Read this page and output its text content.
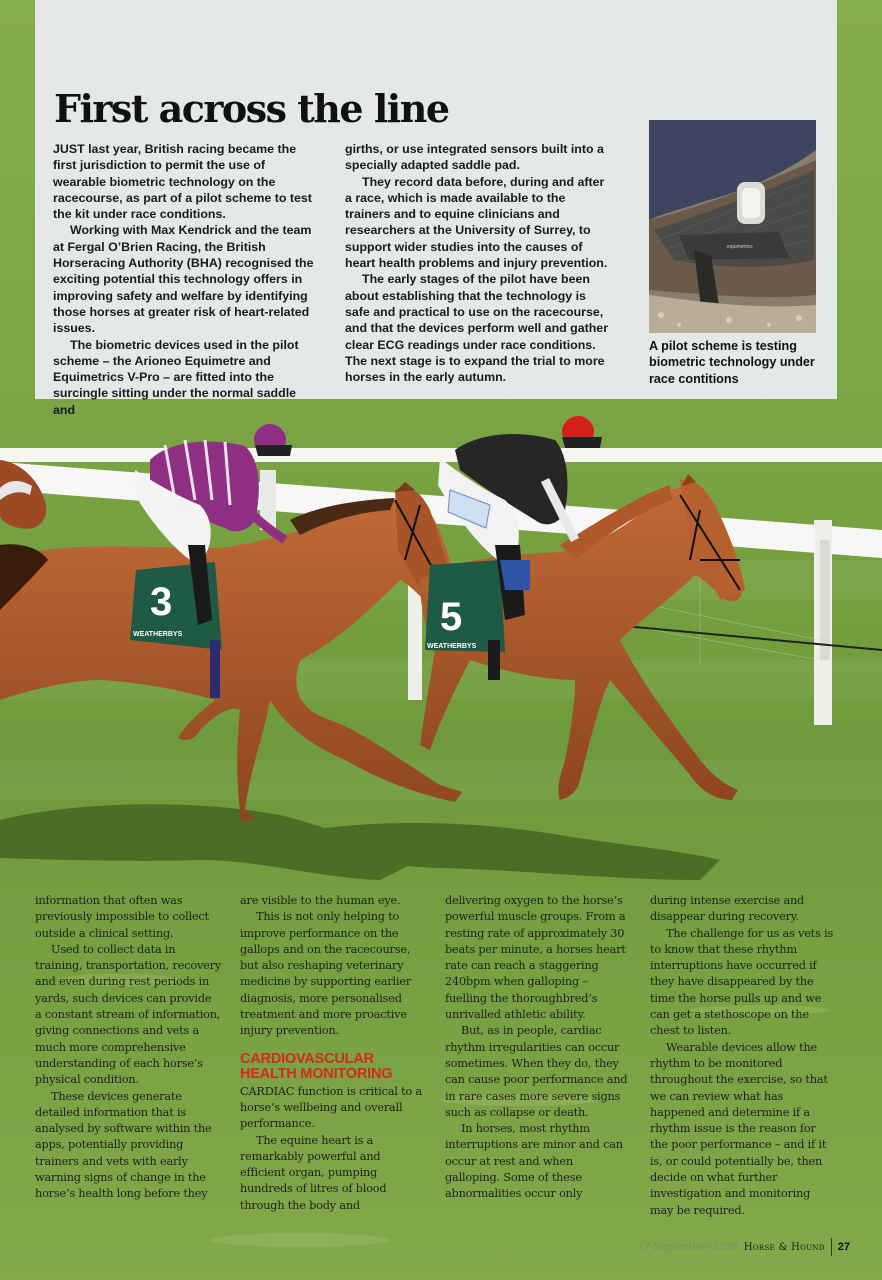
3
WEATHERBYS	5
WEATHERBYS
First across the line

JUST last year, British racing became the first jurisdiction to permit the use of wearable biometric technology on the racecourse, as part of a pilot scheme to test the kit under race conditions.

Working with Max Kendrick and the team at Fergal O’Brien Racing, the British Horseracing Authority (BHA) recognised the exciting potential this technology offers in improving safety and welfare by identifying those horses at greater risk of heart-related issues.

The biometric devices used in the pilot scheme – the Arioneo Equimetre and Equimetrics V-Pro – are fitted into the surcingle sitting under the normal saddle and

girths, or use integrated sensors built into a specially adapted saddle pad.

They record data before, during and after a race, which is made available to the trainers and to equine clinicians and researchers at the University of Surrey, to support wider studies into the causes of heart health problems and injury prevention.

The early stages of the pilot have been about establishing that the technology is safe and practical to use on the racecourse, and that the devices perform well and gather clear ECG readings under race conditions. The next stage is to expand the trial to more horses in the early autumn.

equimetrics
A pilot scheme is testing biometric technology under race contitions

information that often was previously impossible to collect outside a clinical setting.

Used to collect data in training, transportation, recovery and even during rest periods in yards, such devices can provide a constant stream of information, giving connections and vets a much more comprehensive understanding of each horse’s physical condition.

These devices generate detailed information that is analysed by software within the apps, potentially providing trainers and vets with early warning signs of change in the horse’s health long before they

are visible to the human eye.

This is not only helping to improve performance on the gallops and on the racecourse, but also reshaping veterinary medicine by supporting earlier diagnosis, more personalised treatment and more proactive injury prevention.

CARDIOVASCULAR HEALTH MONITORING

CARDIAC function is critical to a horse’s wellbeing and overall performance.

The equine heart is a remarkably powerful and efficient organ, pumping hundreds of litres of blood through the body and

delivering oxygen to the horse’s powerful muscle groups. From a resting rate of approximately 30 beats per minute, a horses heart rate can reach a staggering 240bpm when galloping – fuelling the thoroughbred’s unrivalled athletic ability.

But, as in people, cardiac rhythm irregularities can occur sometimes. When they do, they can cause poor performance and in rare cases more severe signs such as collapse or death.

In horses, most rhythm interruptions are minor and can occur at rest and when galloping. Some of these abnormalities occur only

during intense exercise and disappear during recovery.

The challenge for us as vets is to know that these rhythm interruptions have occurred if they have disappeared by the time the horse pulls up and we can get a stethoscope on the chest to listen.

Wearable devices allow the rhythm to be monitored throughout the exercise, so that we can review what has happened and determine if a rhythm issue is the reason for the poor performance – and if it is, or could potentially be, then decide on what further investigation and monitoring may be required.

17 September 2026 Horse & Hound 27
